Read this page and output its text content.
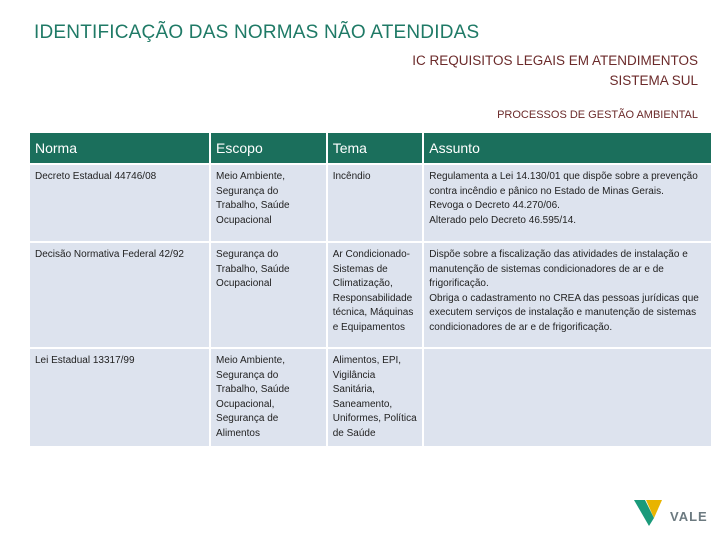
IDENTIFICAÇÃO DAS NORMAS NÃO ATENDIDAS
IC REQUISITOS LEGAIS EM ATENDIMENTOS
SISTEMA SUL
PROCESSOS DE GESTÃO AMBIENTAL
Norma	Escopo	Tema	Assunto
Decreto Estadual 44746/08	Meio Ambiente, Segurança do Trabalho, Saúde Ocupacional	Incêndio	Regulamenta a Lei 14.130/01 que dispõe sobre a prevenção contra incêndio e pânico no Estado de Minas Gerais.
Revoga o Decreto 44.270/06.
Alterado pelo Decreto 46.595/14.

Decisão Normativa Federal 42/92	Segurança do Trabalho, Saúde Ocupacional	Ar Condicionado-Sistemas de Climatização, Responsabilidade técnica, Máquinas e Equipamentos	Dispõe sobre a fiscalização das atividades de instalação e manutenção de sistemas condicionadores de ar e de frigorificação.
Obriga o cadastramento no CREA das pessoas jurídicas que executem serviços de instalação e manutenção de sistemas condicionadores de ar e de frigorificação.

Lei Estadual 13317/99	Meio Ambiente, Segurança do Trabalho, Saúde Ocupacional, Segurança de Alimentos	Alimentos, EPI, Vigilância Sanitária, Saneamento, Uniformes, Política de Saúde	
VALE
